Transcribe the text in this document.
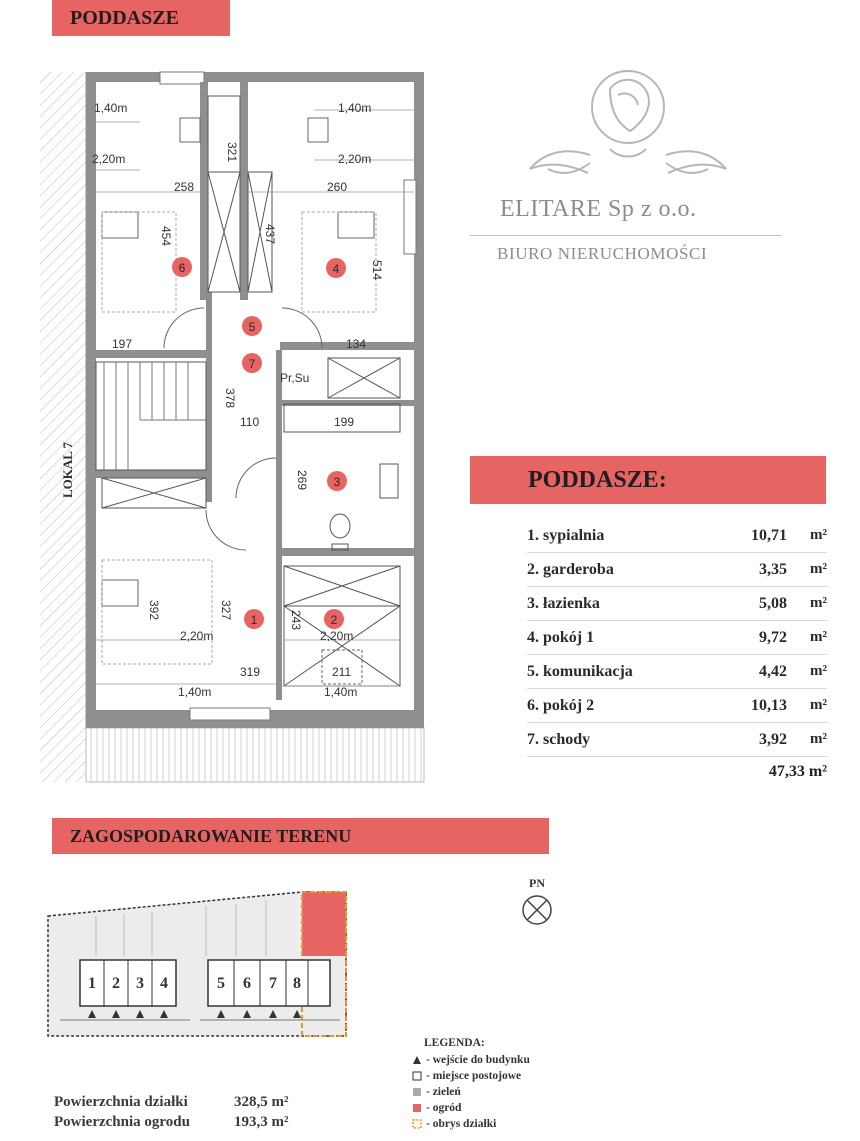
PODDASZE
1,40m
2,20m
258
321
454
197
1,40m
2,20m
260
437
514
134
378
110	199
269
392	327
2,20m
319
1,40m
243
2,20m
211
1,40m
Pr,Su
LOKAL 7
1	2
3
4
5
6
7
ELITARE Sp z o.o.
BIURO NIERUCHOMOŚCI
PODDASZE:
1. sypialnia	10,71	m²
2. garderoba	3,35	m²
3. łazienka	5,08	m²
4. pokój 1	9,72	m²
5. komunikacja	4,42	m²
6. pokój 2	10,13	m²
7. schody	3,92	m²
47,33 m²
ZAGOSPODAROWANIE TERENU
PN
1 2 3 4	5 6 7 8
LEGENDA:
- wejście do budynku
- miejsce postojowe
- zieleń
- ogród
- obrys działki
Powierzchnia działki	328,5 m²
Powierzchnia ogrodu	193,3 m²
